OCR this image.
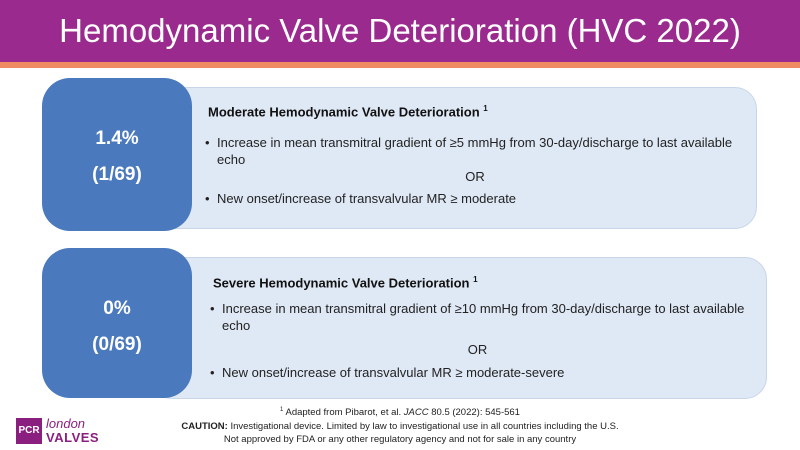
Hemodynamic Valve Deterioration (HVC 2022)
1.4%
(1/69)
Moderate Hemodynamic Valve Deterioration $^1$
• Increase in mean transmitral gradient of ≥5 mmHg from 30-day/discharge to last available echo
OR
• New onset/increase of transvalvular MR ≥ moderate
0%
(0/69)
Severe Hemodynamic Valve Deterioration $^1$
• Increase in mean transmitral gradient of ≥10 mmHg from 30-day/discharge to last available echo
OR
• New onset/increase of transvalvular MR ≥ moderate-severe
$^1$ Adapted from Pibarot, et al. JACC 80.5 (2022): 545-561
CAUTION: Investigational device. Limited by law to investigational use in all countries including the U.S.
Not approved by FDA or any other regulatory agency and not for sale in any country
PCR london
VALVES
